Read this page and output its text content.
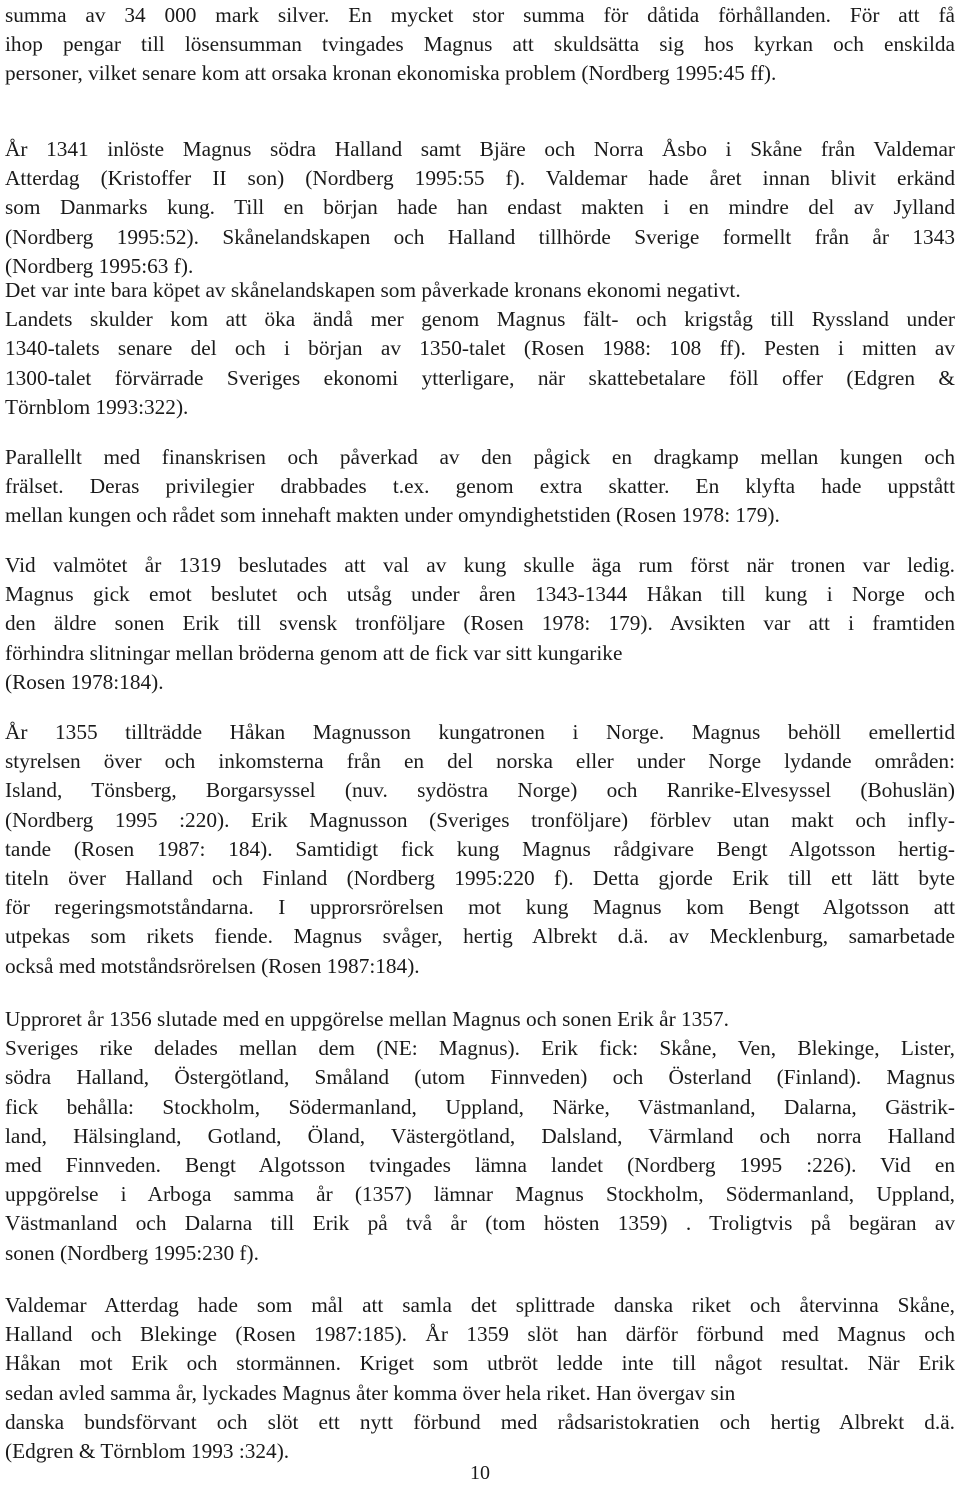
summa av 34 000 mark silver. En mycket stor summa för dåtida förhållanden. För att få
ihop pengar till lösensumman tvingades Magnus att skuldsätta sig hos kyrkan och enskilda
personer, vilket senare kom att orsaka kronan ekonomiska problem (Nordberg 1995:45 ff).
År 1341 inlöste Magnus södra Halland samt Bjäre och Norra Åsbo i Skåne från Valdemar
Atterdag (Kristoffer II son) (Nordberg 1995:55 f). Valdemar hade året innan blivit erkänd
som Danmarks kung. Till en början hade han endast makten i en mindre del av Jylland
(Nordberg 1995:52). Skånelandskapen och Halland tillhörde Sverige formellt från år 1343
(Nordberg 1995:63 f).
Det var inte bara köpet av skånelandskapen som påverkade kronans ekonomi negativt.
Landets skulder kom att öka ändå mer genom Magnus fält- och krigståg till Ryssland under
1340-talets senare del och i början av 1350-talet (Rosen 1988: 108 ff). Pesten i mitten av
1300-talet förvärrade Sveriges ekonomi ytterligare, när skattebetalare föll offer (Edgren &
Törnblom 1993:322).
Parallellt med finanskrisen och påverkad av den pågick en dragkamp mellan kungen och
frälset. Deras privilegier drabbades t.ex. genom extra skatter. En klyfta hade uppstått
mellan kungen och rådet som innehaft makten under omyndighetstiden (Rosen 1978: 179).
Vid valmötet år 1319 beslutades att val av kung skulle äga rum först när tronen var ledig.
Magnus gick emot beslutet och utsåg under åren 1343-1344 Håkan till kung i Norge och
den äldre sonen Erik till svensk tronföljare (Rosen 1978: 179). Avsikten var att i framtiden
förhindra slitningar mellan bröderna genom att de fick var sitt kungarike
(Rosen 1978:184).
År 1355 tillträdde Håkan Magnusson kungatronen i Norge. Magnus behöll emellertid
styrelsen över och inkomsterna från en del norska eller under Norge lydande områden:
Island, Tönsberg, Borgarsyssel (nuv. sydöstra Norge) och Ranrike-Elvesyssel (Bohuslän)
(Nordberg 1995 :220). Erik Magnusson (Sveriges tronföljare) förblev utan makt och infly-
tande (Rosen 1987: 184). Samtidigt fick kung Magnus rådgivare Bengt Algotsson hertig-
titeln över Halland och Finland (Nordberg 1995:220 f). Detta gjorde Erik till ett lätt byte
för regeringsmotståndarna. I upprorsrörelsen mot kung Magnus kom Bengt Algotsson att
utpekas som rikets fiende. Magnus svåger, hertig Albrekt d.ä. av Mecklenburg, samarbetade
också med motståndsrörelsen (Rosen 1987:184).
Upproret år 1356 slutade med en uppgörelse mellan Magnus och sonen Erik år 1357.
Sveriges rike delades mellan dem (NE: Magnus). Erik fick: Skåne, Ven, Blekinge, Lister,
södra Halland, Östergötland, Småland (utom Finnveden) och Österland (Finland). Magnus
fick behålla: Stockholm, Södermanland, Uppland, Närke, Västmanland, Dalarna, Gästrik-
land, Hälsingland, Gotland, Öland, Västergötland, Dalsland, Värmland och norra Halland
med Finnveden. Bengt Algotsson tvingades lämna landet (Nordberg 1995 :226). Vid en
uppgörelse i Arboga samma år (1357) lämnar Magnus Stockholm, Södermanland, Uppland,
Västmanland och Dalarna till Erik på två år (tom hösten 1359) . Troligtvis på begäran av
sonen (Nordberg 1995:230 f).
Valdemar Atterdag hade som mål att samla det splittrade danska riket och återvinna Skåne,
Halland och Blekinge (Rosen 1987:185). År 1359 slöt han därför förbund med Magnus och
Håkan mot Erik och stormännen. Kriget som utbröt ledde inte till något resultat. När Erik
sedan avled samma år, lyckades Magnus åter komma över hela riket. Han övergav sin
danska bundsförvant och slöt ett nytt förbund med rådsaristokratien och hertig Albrekt d.ä.
(Edgren & Törnblom 1993 :324).
10
